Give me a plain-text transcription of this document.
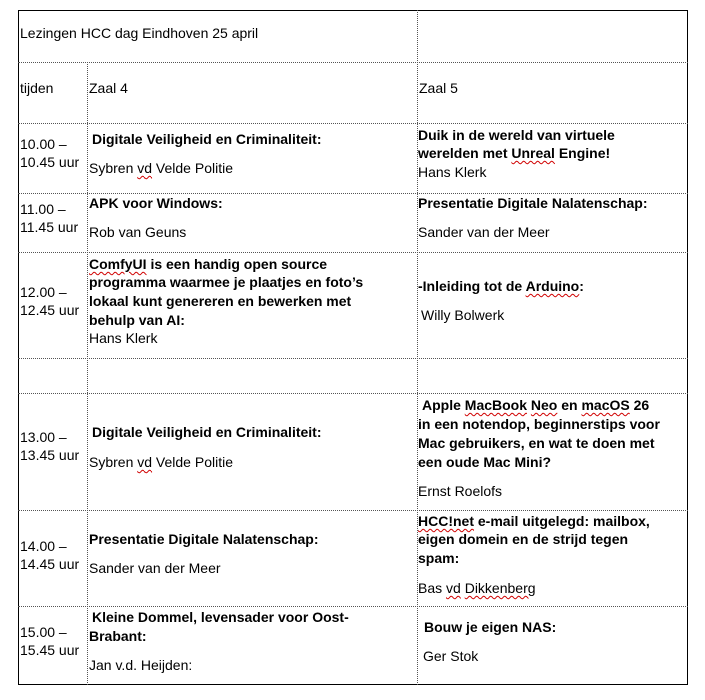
Lezingen HCC dag Eindhoven 25 april
tijden	Zaal 4	Zaal 5
10.00 –
10.45 uur
Digitale Veiligheid en Criminaliteit:
Sybren vd Velde Politie
Duik in de wereld van virtuele
werelden met Unreal Engine!
Hans Klerk
11.00 –
11.45 uur
APK voor Windows:
Rob van Geuns
Presentatie Digitale Nalatenschap:
Sander van der Meer
12.00 –
12.45 uur
ComfyUI is een handig open source
programma waarmee je plaatjes en foto’s
lokaal kunt genereren en bewerken met
behulp van AI:
Hans Klerk
-Inleiding tot de Arduino:
Willy Bolwerk
13.00 –
13.45 uur
Digitale Veiligheid en Criminaliteit:
Sybren vd Velde Politie
Apple MacBook Neo en macOS 26
in een notendop, beginnerstips voor
Mac gebruikers, en wat te doen met
een oude Mac Mini?
Ernst Roelofs
14.00 –
14.45 uur
Presentatie Digitale Nalatenschap:
Sander van der Meer
HCC!net e-mail uitgelegd: mailbox,
eigen domein en de strijd tegen
spam:
Bas vd Dikkenberg
15.00 –
15.45 uur
Kleine Dommel, levensader voor Oost-
Brabant:
Jan v.d. Heijden:
Bouw je eigen NAS:
Ger Stok
